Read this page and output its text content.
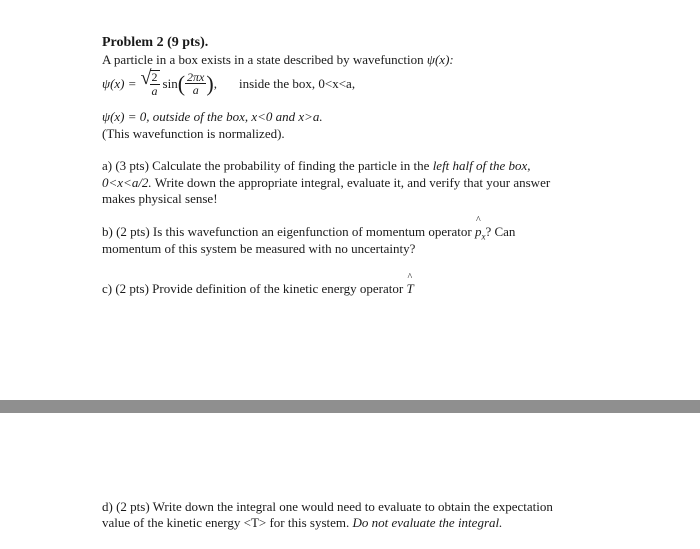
Problem 2 (9 pts).
A particle in a box exists in a state described by wavefunction ψ(x):
ψ(x) = √
$\frac{2}{a}$ sin ( $\frac{2\pi x}{a}$ ) , inside the box, 0<x<a,
ψ(x) = 0, outside of the box, x<0 and x>a.
(This wavefunction is normalized).
a) (3 pts) Calculate the probability of finding the particle in the left half of the box,
0<x<a/2. Write down the appropriate integral, evaluate it, and verify that your answer
makes physical sense!
b) (2 pts) Is this wavefunction an eigenfunction of momentum operator ^ $p_x$? Can
momentum of this system be measured with no uncertainty?
c) (2 pts) Provide definition of the kinetic energy operator ^ T
d) (2 pts) Write down the integral one would need to evaluate to obtain the expectation
value of the kinetic energy <T> for this system. Do not evaluate the integral.
